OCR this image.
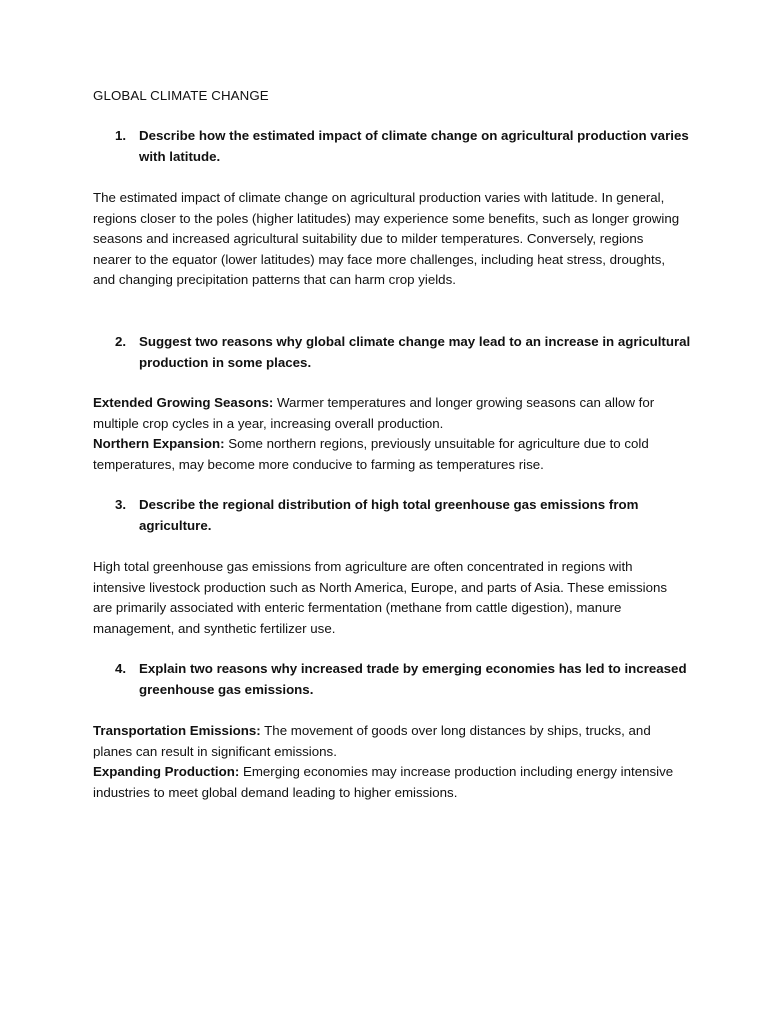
GLOBAL CLIMATE CHANGE
1. Describe how the estimated impact of climate change on agricultural production varies with latitude.

The estimated impact of climate change on agricultural production varies with latitude. In general, regions closer to the poles (higher latitudes) may experience some benefits, such as longer growing seasons and increased agricultural suitability due to milder temperatures. Conversely, regions nearer to the equator (lower latitudes) may face more challenges, including heat stress, droughts, and changing precipitation patterns that can harm crop yields.

2. Suggest two reasons why global climate change may lead to an increase in agricultural production in some places.
Extended Growing Seasons: Warmer temperatures and longer growing seasons can allow for multiple crop cycles in a year, increasing overall production.
Northern Expansion: Some northern regions, previously unsuitable for agriculture due to cold temperatures, may become more conducive to farming as temperatures rise.
3. Describe the regional distribution of high total greenhouse gas emissions from agriculture.

High total greenhouse gas emissions from agriculture are often concentrated in regions with intensive livestock production such as North America, Europe, and parts of Asia. These emissions are primarily associated with enteric fermentation (methane from cattle digestion), manure management, and synthetic fertilizer use.

4. Explain two reasons why increased trade by emerging economies has led to increased greenhouse gas emissions.
Transportation Emissions: The movement of goods over long distances by ships, trucks, and planes can result in significant emissions.
Expanding Production: Emerging economies may increase production including energy intensive industries to meet global demand leading to higher emissions.
